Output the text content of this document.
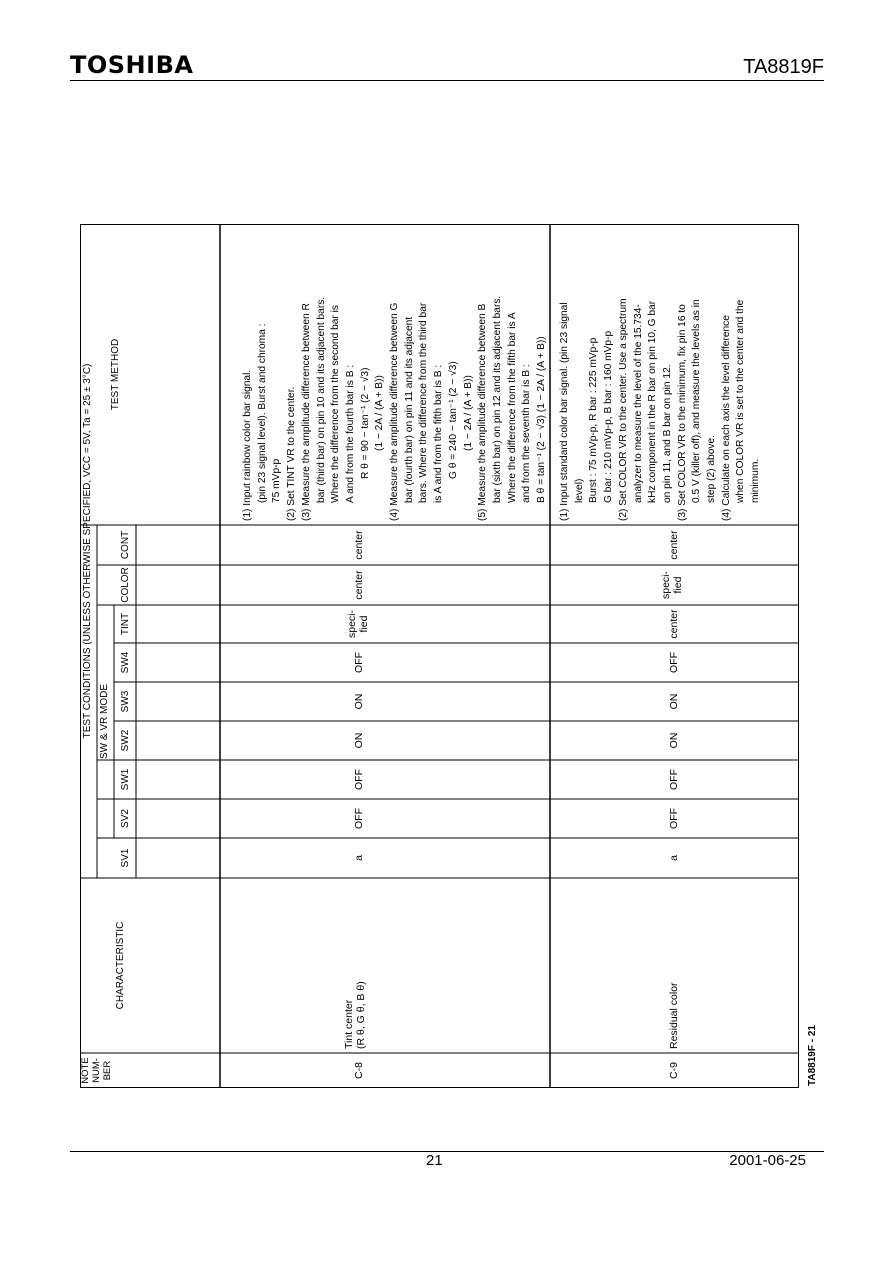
TOSHIBA	TA8819F
TEST CONDITIONS (UNLESS OTHERWISE SPECIFIED, VCC = 5V, Ta = 25 ± 3°C) SW & VR MODE
NOTE NUM-BER
CHARACTERISTIC
SV1
SV2
SW1
SW2
SW3
SW4
TINT
COLOR
CONT
TEST METHOD
C-8
Tint center (R θ, G θ, B θ)
a
OFF
OFF
ON
ON
OFF
speci-fied
center
center
(1) Input rainbow color bar signal. (pin 23 signal level). Burst and chroma : 75 mVp-p (2) Set TINT VR to the center. (3) Measure the amplitude difference between R bar (third bar) on pin 10 and its adjacent bars. Where the difference from the second bar is A and from the fourth bar is B : R θ = 90 − tan⁻¹ (2 − √3) (1 − 2A / (A + B)) (4) Measure the amplitude difference between G bar (fourth bar) on pin 11 and its adjacent bars. Where the difference from the third bar is A and from the fifth bar is B : G θ = 240 − tan⁻¹ (2 − √3) (1 − 2A / (A + B)) (5) Measure the amplitude difference between B bar (sixth bar) on pin 12 and its adjacent bars. Where the difference from the fifth bar is A and from the seventh bar is B : B θ = tan⁻¹ (2 − √3) (1 − 2A / (A + B))
C-9
Residual color
a
OFF
OFF
ON
ON
OFF
center
speci-fied
center
(1) Input standard color bar signal. (pin 23 signal level) Burst : 75 mVp-p, R bar : 225 mVp-p G bar : 210 mVp-p, B bar : 160 mVp-p (2) Set COLOR VR to the center. Use a spectrum analyzer to measure the level of the 15.734- kHz component in the R bar on pin 10, G bar on pin 11, and B bar on pin 12. (3) Set COLOR VR to the minimum, fix pin 16 to 0.5 V (killer off), and measure the levels as in step (2) above. (4) Calculate on each axis the level difference when COLOR VR is set to the center and the minimum.
TA8819F - 21
21	2001-06-25
